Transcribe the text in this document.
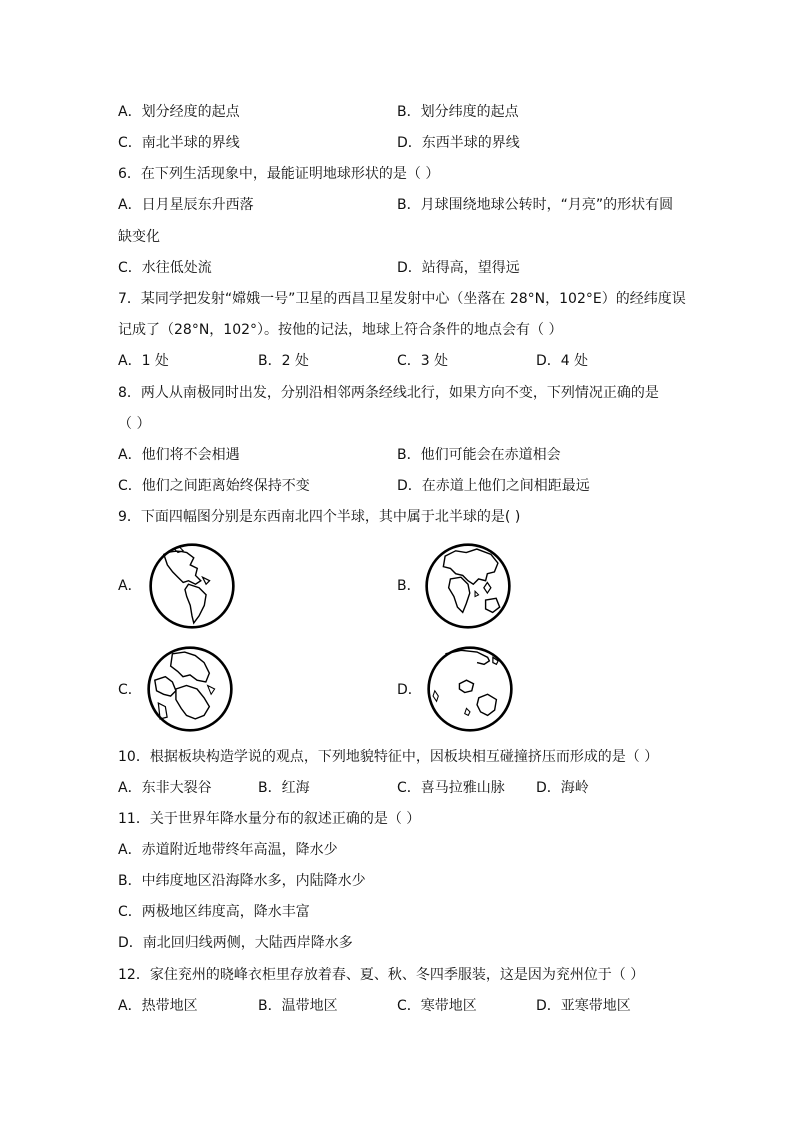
A．划分经度的起点	B．划分纬度的起点
C．南北半球的界线	D．东西半球的界线
6．在下列生活现象中，最能证明地球形状的是（ ）
A．日月星辰东升西落	B．月球围绕地球公转时，“月亮”的形状有圆
缺变化
C．水往低处流	D．站得高，望得远
7．某同学把发射“嫦娥一号”卫星的西昌卫星发射中心（坐落在 28°N，102°E）的经纬度误
记成了（28°N，102°）。按他的记法，地球上符合条件的地点会有（ ）
A．1 处	B．2 处	C．3 处	D．4 处
8．两人从南极同时出发，分别沿相邻两条经线北行，如果方向不变，下列情况正确的是
（ ）
A．他们将不会相遇	B．他们可能会在赤道相会
C．他们之间距离始终保持不变	D．在赤道上他们之间相距最远
9．下面四幅图分别是东西南北四个半球，其中属于北半球的是( )
A．	B．
C．	D．
10．根据板块构造学说的观点，下列地貌特征中，因板块相互碰撞挤压而形成的是（ ）
A．东非大裂谷	B．红海	C．喜马拉雅山脉 D．海岭
11．关于世界年降水量分布的叙述正确的是（ ）
A．赤道附近地带终年高温，降水少
B．中纬度地区沿海降水多，内陆降水少
C．两极地区纬度高，降水丰富
D．南北回归线两侧，大陆西岸降水多
12．家住兖州的晓峰衣柜里存放着春、夏、秋、冬四季服装，这是因为兖州位于（ ）
A．热带地区	B．温带地区	C．寒带地区	D．亚寒带地区
